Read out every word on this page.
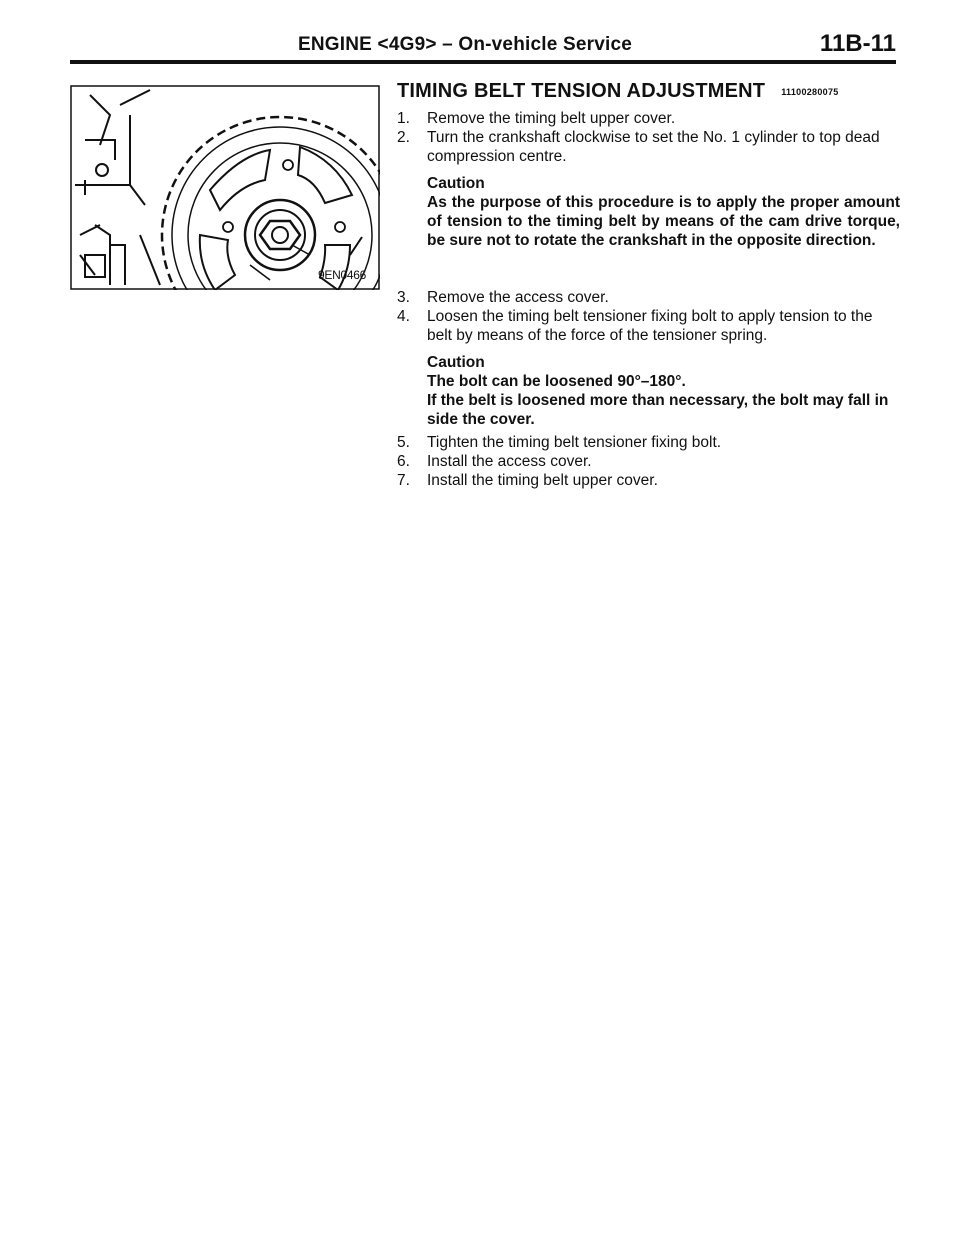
ENGINE <4G9> – On-vehicle Service	11B-11
9EN0466
TIMING BELT TENSION ADJUSTMENT 11100280075
1.	Remove the timing belt upper cover.
2.	Turn the crankshaft clockwise to set the No. 1 cylinder to top dead compression centre.
Caution
As the purpose of this procedure is to apply the proper amount of tension to the timing belt by means of the cam drive torque, be sure not to rotate the crankshaft in the opposite direction.
3.	Remove the access cover.
4.	Loosen the timing belt tensioner fixing bolt to apply tension to the belt by means of the force of the tensioner spring.
Caution
The bolt can be loosened 90°–180°.
If the belt is loosened more than necessary, the bolt may fall in side the cover.
5.	Tighten the timing belt tensioner fixing bolt.
6.	Install the access cover.
7.	Install the timing belt upper cover.
